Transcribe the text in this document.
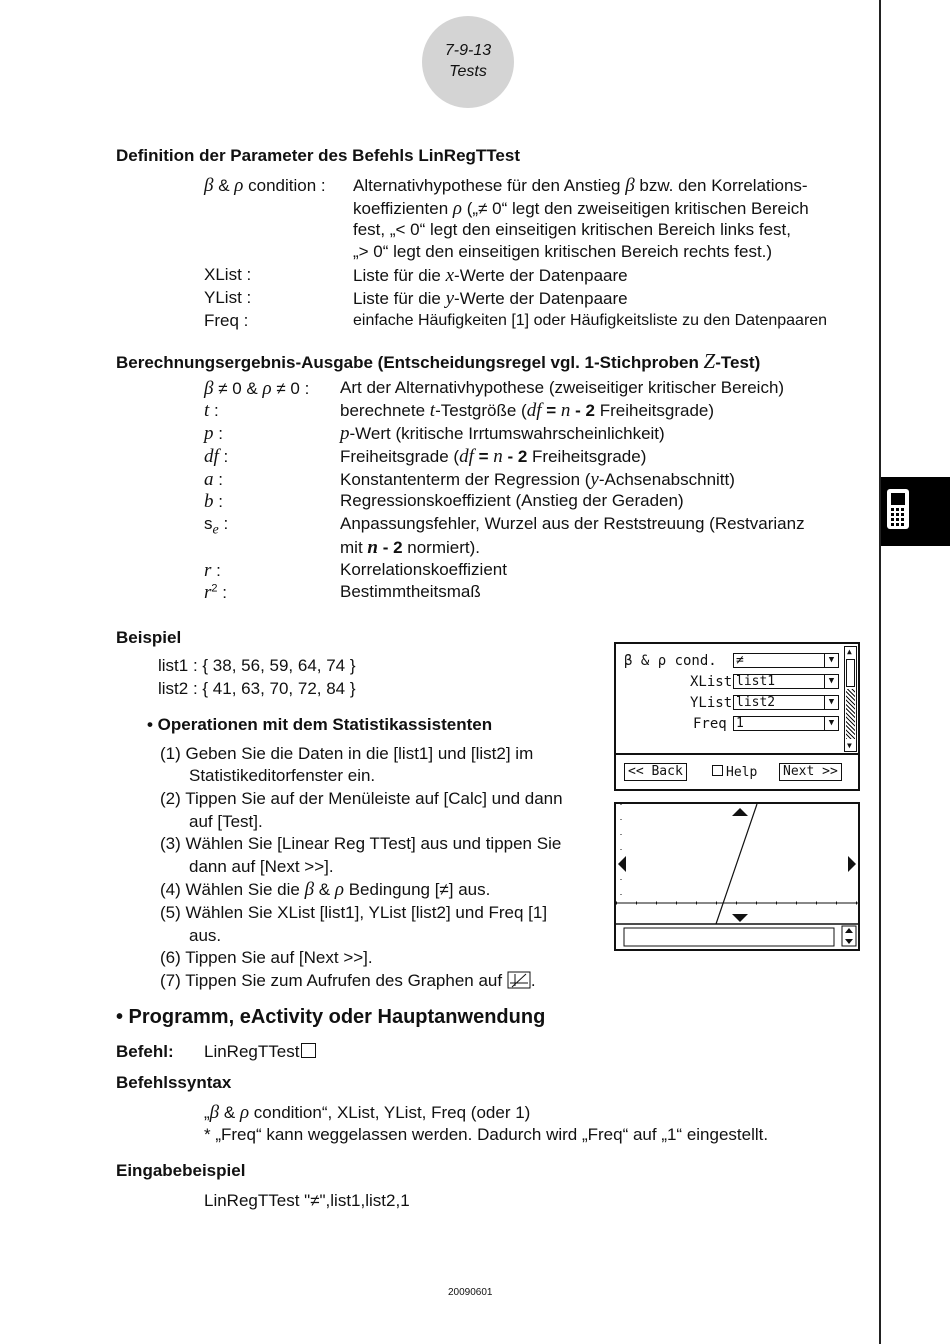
7-9-13
Tests
Definition der Parameter des Befehls LinRegTTest
β & ρ condition : Alternativhypothese für den Anstieg β bzw. den Korrelations-
koeffizienten ρ („≠ 0“ legt den zweiseitigen kritischen Bereich
fest, „< 0“ legt den einseitigen kritischen Bereich links fest,
„> 0“ legt den einseitigen kritischen Bereich rechts fest.)
XList :	Liste für die x-Werte der Datenpaare
YList :	Liste für die y-Werte der Datenpaare
Freq :	einfache Häufigkeiten [1] oder Häufigkeitsliste zu den Datenpaaren
Berechnungsergebnis-Ausgabe (Entscheidungsregel vgl. 1-Stichproben Z-Test)
β ≠ 0 & ρ ≠ 0 : Art der Alternativhypothese (zweiseitiger kritischer Bereich)
t :	berechnete t-Testgröße (df = n - 2 Freiheitsgrade)
p :	p-Wert (kritische Irrtumswahrscheinlichkeit)
df :	Freiheitsgrade (df = n - 2 Freiheitsgrade)
a :	Konstantenterm der Regression (y-Achsenabschnitt)
b :	Regressionskoeffizient (Anstieg der Geraden)
$s_e$ :	Anpassungsfehler, Wurzel aus der Reststreuung (Restvarianz
mit n - 2 normiert).
r :	Korrelationskoeffizient
$r^2$ :	Bestimmtheitsmaß
Beispiel
list1 : { 38, 56, 59, 64, 74 }
list2 : { 41, 63, 70, 72, 84 }
• Operationen mit dem Statistikassistenten
(1) Geben Sie die Daten in die [list1] und [list2] im
Statistikeditorfenster ein.
(2) Tippen Sie auf der Menüleiste auf [Calc] und dann
auf [Test].
(3) Wählen Sie [Linear Reg TTest] aus und tippen Sie
dann auf [Next >>].
(4) Wählen Sie die β & ρ Bedingung [≠] aus.
(5) Wählen Sie XList [list1], YList [list2] und Freq [1]
aus.
(6) Tippen Sie auf [Next >>].
(7) Tippen Sie zum Aufrufen des Graphen auf .
β & ρ cond. ≠	▼
XList list1	▼
YList list2	▼
Freq 1	▼
▲
▼
<< Back	Help	Next >>
• Programm, eActivity oder Hauptanwendung
Befehl: LinRegTTest
Befehlssyntax
„β & ρ condition“, XList, YList, Freq (oder 1)
* „Freq“ kann weggelassen werden. Dadurch wird „Freq“ auf „1“ eingestellt.
Eingabebeispiel
LinRegTTest "≠",list1,list2,1
20090601
